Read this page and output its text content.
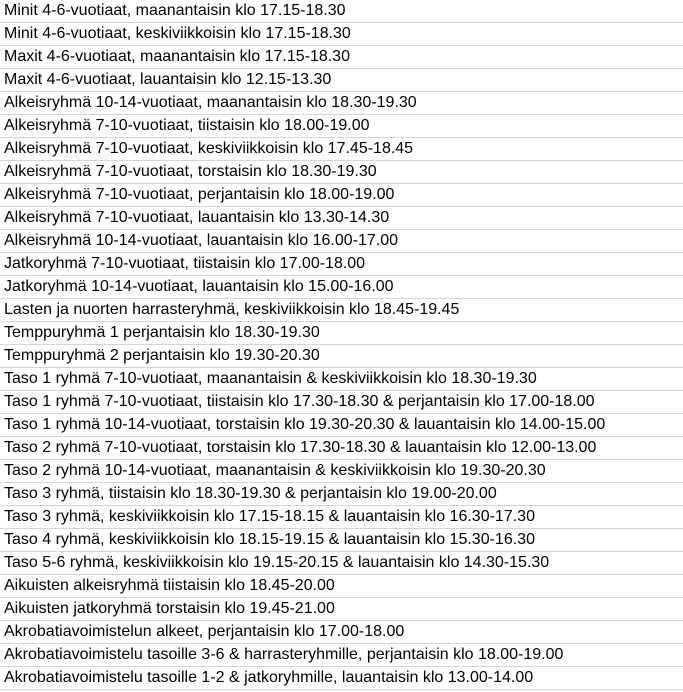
Minit 4-6-vuotiaat, maanantaisin klo 17.15-18.30
Minit 4-6-vuotiaat, keskiviikkoisin klo 17.15-18.30
Maxit 4-6-vuotiaat, maanantaisin klo 17.15-18.30
Maxit 4-6-vuotiaat, lauantaisin klo 12.15-13.30
Alkeisryhmä 10-14-vuotiaat, maanantaisin klo 18.30-19.30
Alkeisryhmä 7-10-vuotiaat, tiistaisin klo 18.00-19.00
Alkeisryhmä 7-10-vuotiaat, keskiviikkoisin klo 17.45-18.45
Alkeisryhmä 7-10-vuotiaat, torstaisin klo 18.30-19.30
Alkeisryhmä 7-10-vuotiaat, perjantaisin klo 18.00-19.00
Alkeisryhmä 7-10-vuotiaat, lauantaisin klo 13.30-14.30
Alkeisryhmä 10-14-vuotiaat, lauantaisin klo 16.00-17.00
Jatkoryhmä 7-10-vuotiaat, tiistaisin klo 17.00-18.00
Jatkoryhmä 10-14-vuotiaat, lauantaisin klo 15.00-16.00
Lasten ja nuorten harrasteryhmä, keskiviikkoisin klo 18.45-19.45
Temppuryhmä 1 perjantaisin klo 18.30-19.30
Temppuryhmä 2 perjantaisin klo 19.30-20.30
Taso 1 ryhmä 7-10-vuotiaat, maanantaisin & keskiviikkoisin klo 18.30-19.30
Taso 1 ryhmä 7-10-vuotiaat, tiistaisin klo 17.30-18.30 & perjantaisin klo 17.00-18.00
Taso 1 ryhmä 10-14-vuotiaat, torstaisin klo 19.30-20.30 & lauantaisin klo 14.00-15.00
Taso 2 ryhmä 7-10-vuotiaat, torstaisin klo 17.30-18.30 & lauantaisin klo 12.00-13.00
Taso 2 ryhmä 10-14-vuotiaat, maanantaisin & keskiviikkoisin klo 19.30-20.30
Taso 3 ryhmä, tiistaisin klo 18.30-19.30 & perjantaisin klo 19.00-20.00
Taso 3 ryhmä, keskiviikkoisin klo 17.15-18.15 & lauantaisin klo 16.30-17.30
Taso 4 ryhmä, keskiviikkoisin klo 18.15-19.15 & lauantaisin klo 15.30-16.30
Taso 5-6 ryhmä, keskiviikkoisin klo 19.15-20.15 & lauantaisin klo 14.30-15.30
Aikuisten alkeisryhmä tiistaisin klo 18.45-20.00
Aikuisten jatkoryhmä torstaisin klo 19.45-21.00
Akrobatiavoimistelun alkeet, perjantaisin klo 17.00-18.00
Akrobatiavoimistelu tasoille 3-6 & harrasteryhmille, perjantaisin klo 18.00-19.00
Akrobatiavoimistelu tasoille 1-2 & jatkoryhmille, lauantaisin klo 13.00-14.00
